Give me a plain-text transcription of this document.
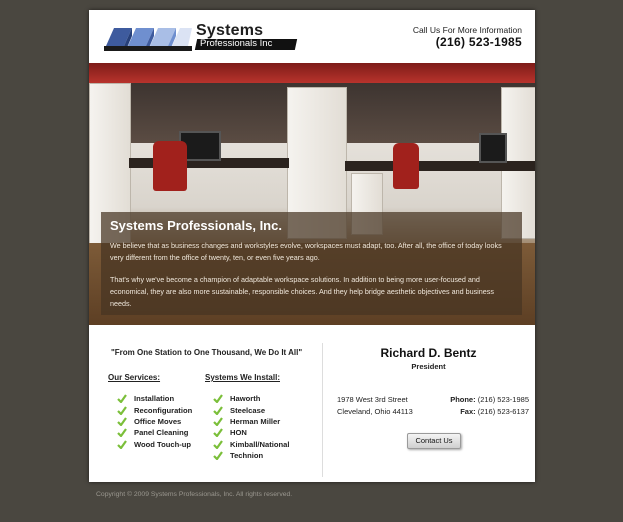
Systems
Professionals Inc
Call Us For More Information
(216) 523-1985
Systems Professionals, Inc.
We believe that as business changes and workstyles evolve, workspaces must adapt, too. After all, the office of today looks very different from the office of twenty, ten, or even five years ago.
That's why we've become a champion of adaptable workspace solutions. In addition to being more user-focused and economical, they are also more sustainable, responsible choices. And they help bridge aesthetic objectives and business needs.
"From One Station to One Thousand, We Do It All"
Our Services:
Installation
Reconfiguration
Office Moves
Panel Cleaning
Wood Touch-up
Systems We Install:
Haworth
Steelcase
Herman Miller
HON
Kimball/National
Technion
Richard D. Bentz
President
1978 West 3rd Street
Cleveland, Ohio 44113
Phone: (216) 523-1985
Fax: (216) 523-6137
Contact Us
Copyright © 2009 Systems Professionals, Inc. All rights reserved.
